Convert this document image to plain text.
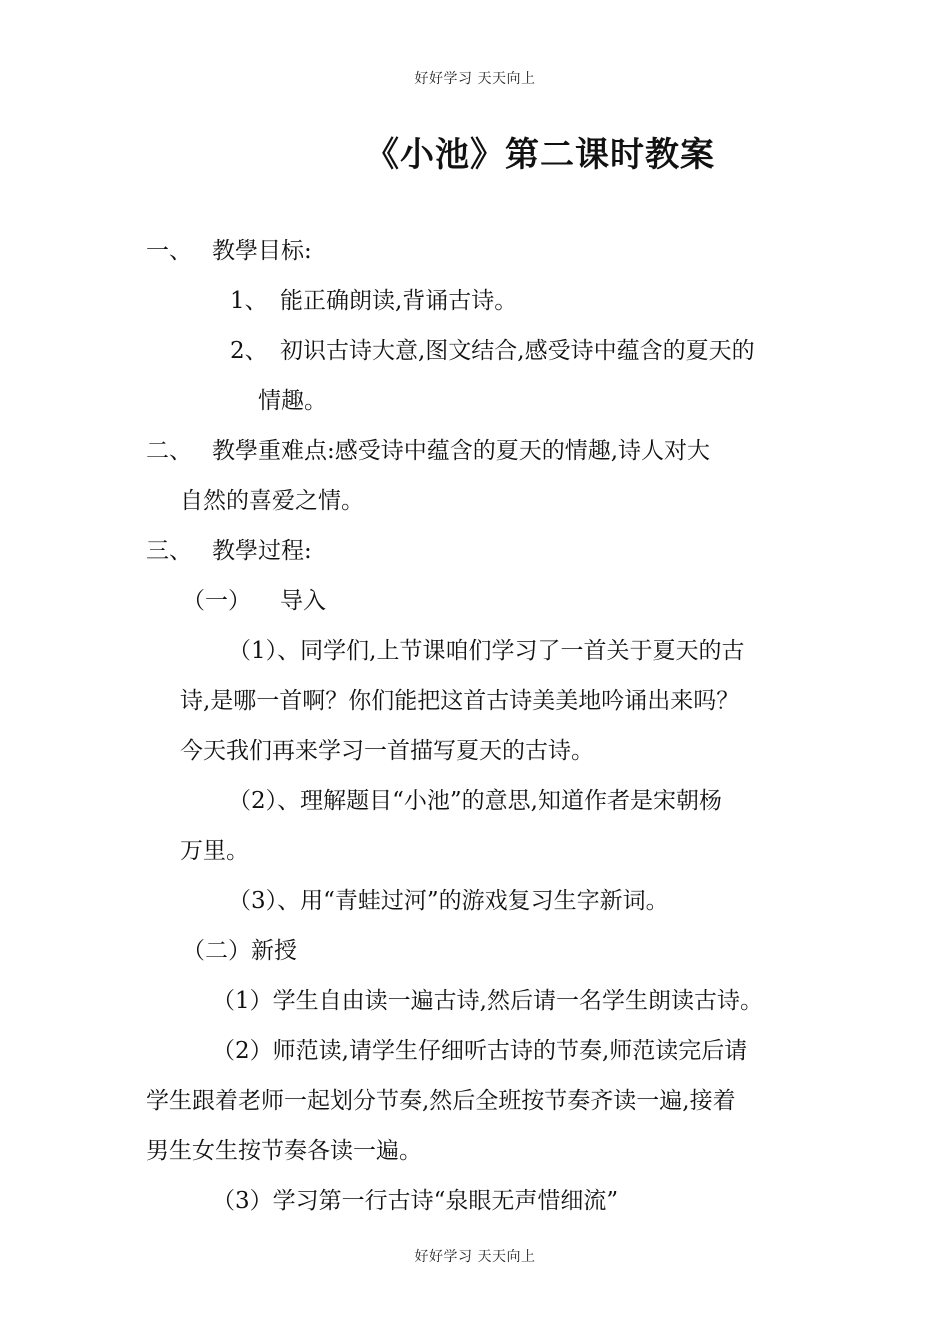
好好学习 天天向上
《小池》第二课时教案
一、 教學目标:
1、 能正确朗读,背诵古诗。
2、 初识古诗大意,图文结合,感受诗中蕴含的夏天的
情趣。
二、 教學重难点:感受诗中蕴含的夏天的情趣,诗人对大
自然的喜爱之情。
三、 教學过程:
（一） 导入
（1）、同学们,上节课咱们学习了一首关于夏天的古
诗,是哪一首啊？你们能把这首古诗美美地吟诵出来吗？
今天我们再来学习一首描写夏天的古诗。
（2）、理解题目“小池”的意思,知道作者是宋朝杨
万里。
（3）、用“青蛙过河”的游戏复习生字新词。
（二）新授
（1）学生自由读一遍古诗,然后请一名学生朗读古诗。
（2）师范读,请学生仔细听古诗的节奏,师范读完后请
学生跟着老师一起划分节奏,然后全班按节奏齐读一遍,接着
男生女生按节奏各读一遍。
（3）学习第一行古诗“泉眼无声惜细流”
好好学习 天天向上
